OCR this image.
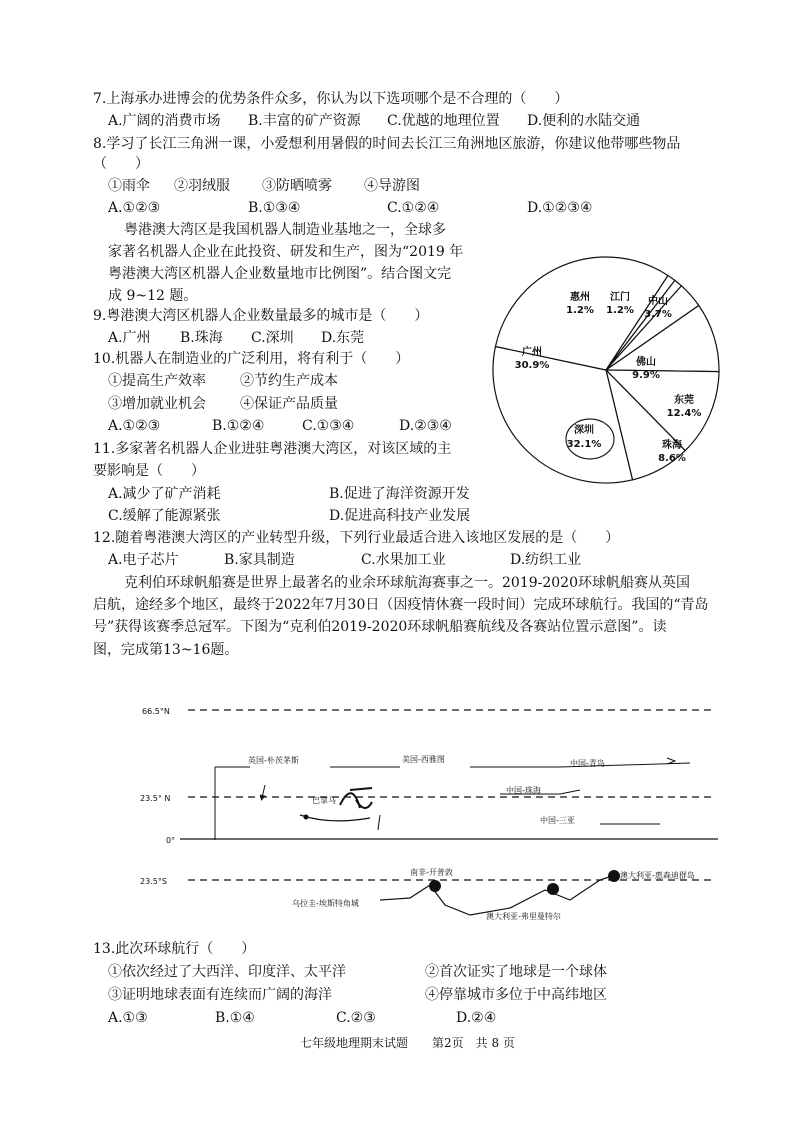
7.上海承办进博会的优势条件众多，你认为以下选项哪个是不合理的（　　）
A.广阔的消费市场 B.丰富的矿产资源 C.优越的地理位置 D.便利的水陆交通
8.学习了长江三角洲一课，小爱想利用暑假的时间去长江三角洲地区旅游，你建议他带哪些物品
（　　）
①雨伞 ②羽绒服 ③防晒喷雾 ④导游图
A.①②③	B.①③④	C.①②④	D.①②③④
粤港澳大湾区是我国机器人制造业基地之一，全球多
家著名机器人企业在此投资、研发和生产，图为“2019 年
粤港澳大湾区机器人企业数量地市比例图”。结合图文完
成 9~12 题。
9.粤港澳大湾区机器人企业数量最多的城市是（　　）
A.广州 B.珠海 C.深圳 D.东莞
10.机器人在制造业的广泛利用，将有利于（　　）
①提高生产效率 ②节约生产成本
③增加就业机会 ④保证产品质量
A.①②③	B.①②④	C.①③④	D.②③④
11.多家著名机器人企业进驻粤港澳大湾区，对该区域的主
要影响是（　　）
A.减少了矿产消耗	B.促进了海洋资源开发
C.缓解了能源紧张	D.促进高科技产业发展
惠州
1.2%
江门
1.2%
中山
3.7%
佛山
9.9%
东莞
12.4%
珠海
8.6%
深圳
32.1%
广州
30.9%
12.随着粤港澳大湾区的产业转型升级，下列行业最适合进入该地区发展的是（　　）
A.电子芯片	B.家具制造	C.水果加工业	D.纺织工业
克利伯环球帆船赛是世界上最著名的业余环球航海赛事之一。2019-2020环球帆船赛从英国
启航，途经多个地区，最终于2022年7月30日（因疫情休赛一段时间）完成环球航行。我国的“青岛
号”获得该赛季总冠军。下图为“克利伯2019-2020环球帆船赛航线及各赛站位置示意图”。读
图，完成第13~16题。
66.5°N
23.5° N
0°
23.5°S
英国-朴茨茅斯	美国-西雅图
巴拿马
中国-青岛
中国-珠海
中国-三亚
乌拉圭-埃斯特角城
南非-开普敦
澳大利亚-弗里曼特尔
澳大利亚-惠森迪群岛
13.此次环球航行（　　）
①依次经过了大西洋、印度洋、太平洋	②首次证实了地球是一个球体
③证明地球表面有连续而广阔的海洋	④停靠城市多位于中高纬地区
A.①③	B.①④	C.②③	D.②④
七年级地理期末试题　　第2页　共 8 页
